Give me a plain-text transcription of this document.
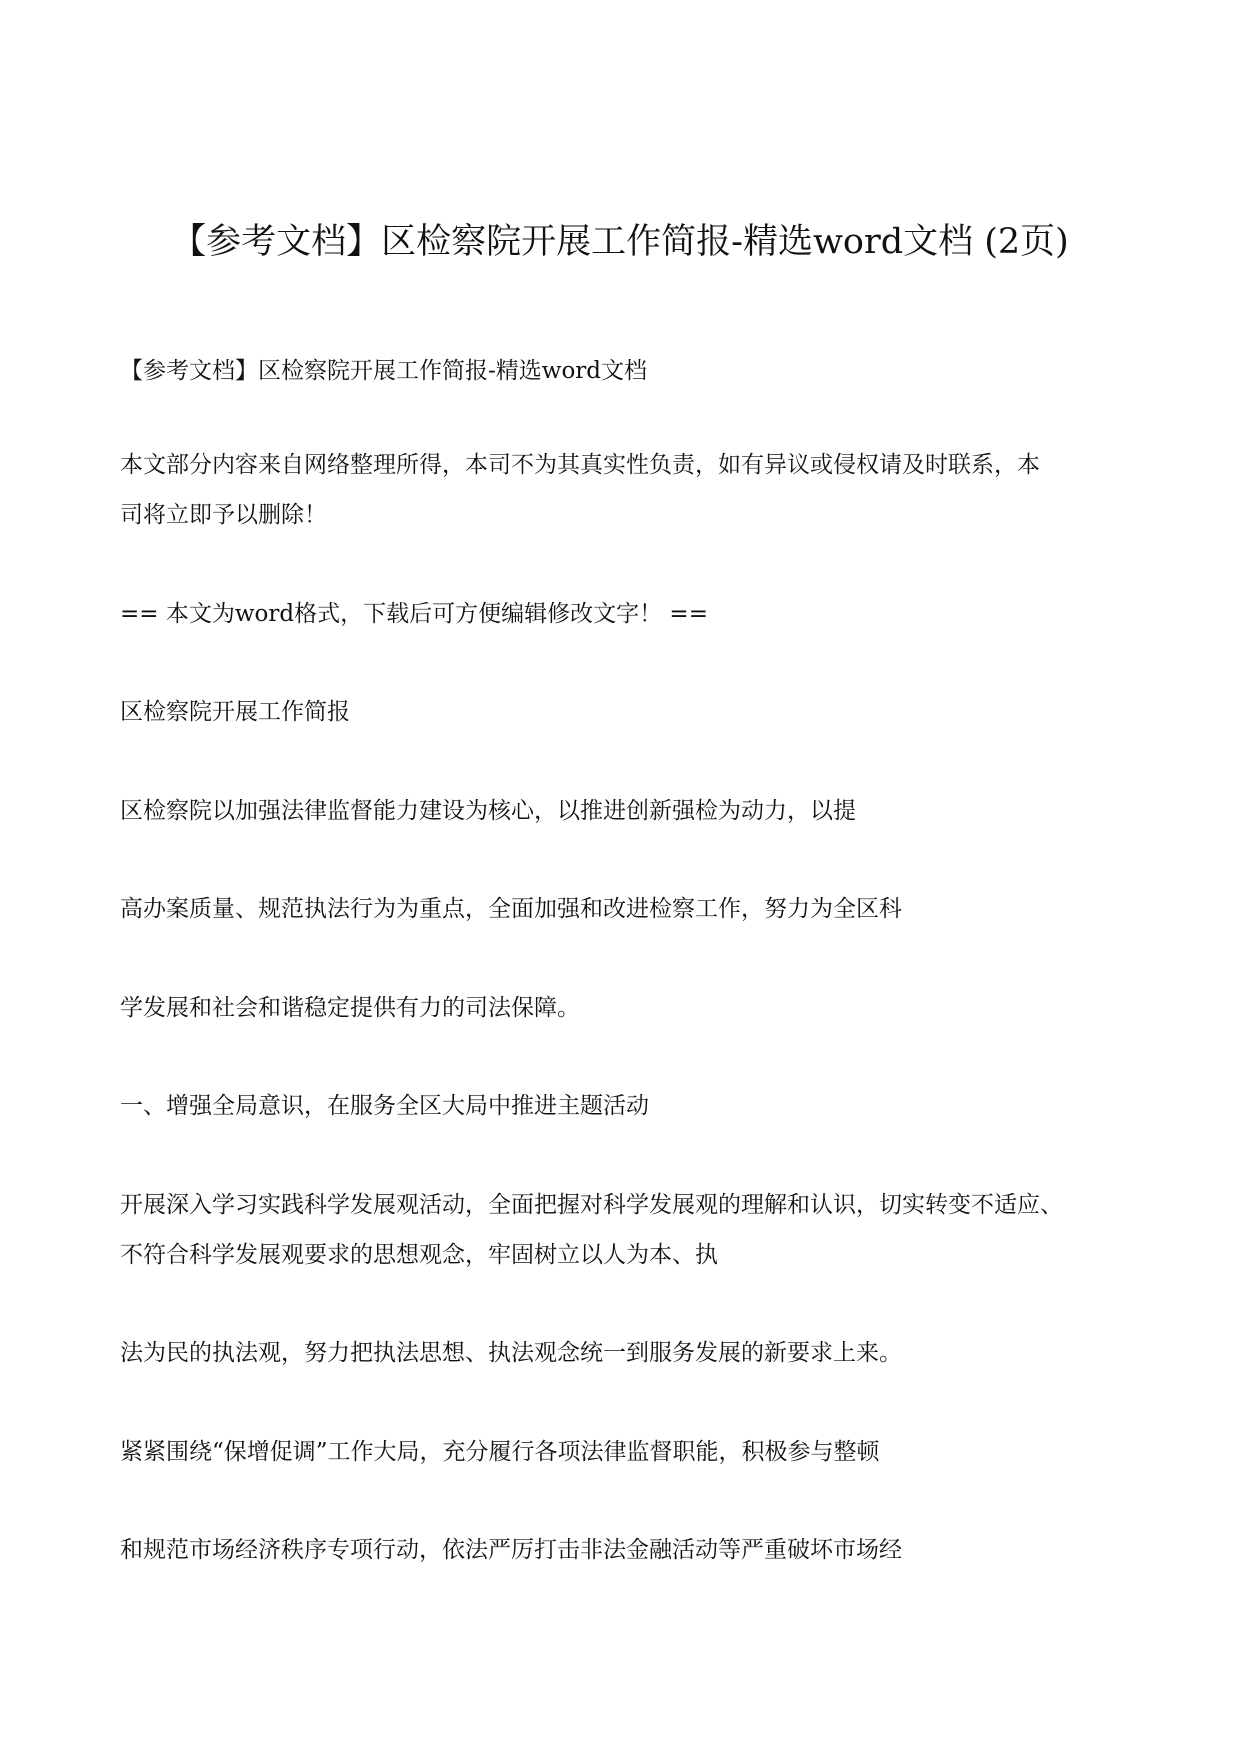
【参考文档】区检察院开展工作简报-精选word文档 (2页)
【参考文档】区检察院开展工作简报-精选word文档
本文部分内容来自网络整理所得，本司不为其真实性负责，如有异议或侵权请及时联系，本
司将立即予以删除！
== 本文为word格式，下载后可方便编辑修改文字！ ==
区检察院开展工作简报
区检察院以加强法律监督能力建设为核心，以推进创新强检为动力，以提
高办案质量、规范执法行为为重点，全面加强和改进检察工作，努力为全区科
学发展和社会和谐稳定提供有力的司法保障。
一、增强全局意识，在服务全区大局中推进主题活动
开展深入学习实践科学发展观活动，全面把握对科学发展观的理解和认识，切实转变不适应、
不符合科学发展观要求的思想观念，牢固树立以人为本、执
法为民的执法观，努力把执法思想、执法观念统一到服务发展的新要求上来。
紧紧围绕“保增促调”工作大局，充分履行各项法律监督职能，积极参与整顿
和规范市场经济秩序专项行动，依法严厉打击非法金融活动等严重破坏市场经
